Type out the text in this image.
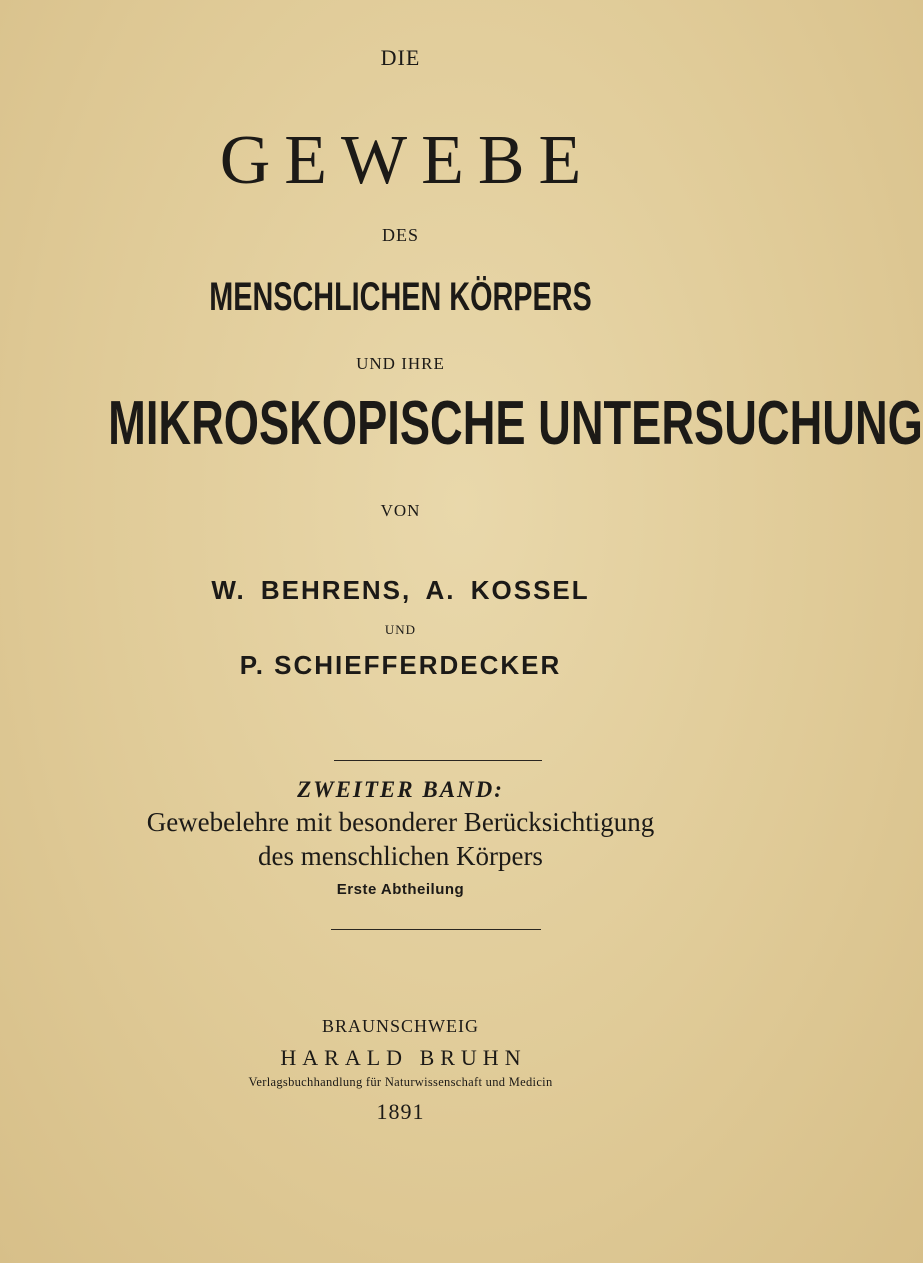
DIE
GEWEBE
DES
MENSCHLICHEN KÖRPERS
UND IHRE
MIKROSKOPISCHE UNTERSUCHUNG
VON
W. BEHRENS, A. KOSSEL
UND
P. SCHIEFFERDECKER
ZWEITER BAND:
Gewebelehre mit besonderer Berücksichtigung
des menschlichen Körpers
Erste Abtheilung
BRAUNSCHWEIG
HARALD BRUHN
Verlagsbuchhandlung für Naturwissenschaft und Medicin
1891
